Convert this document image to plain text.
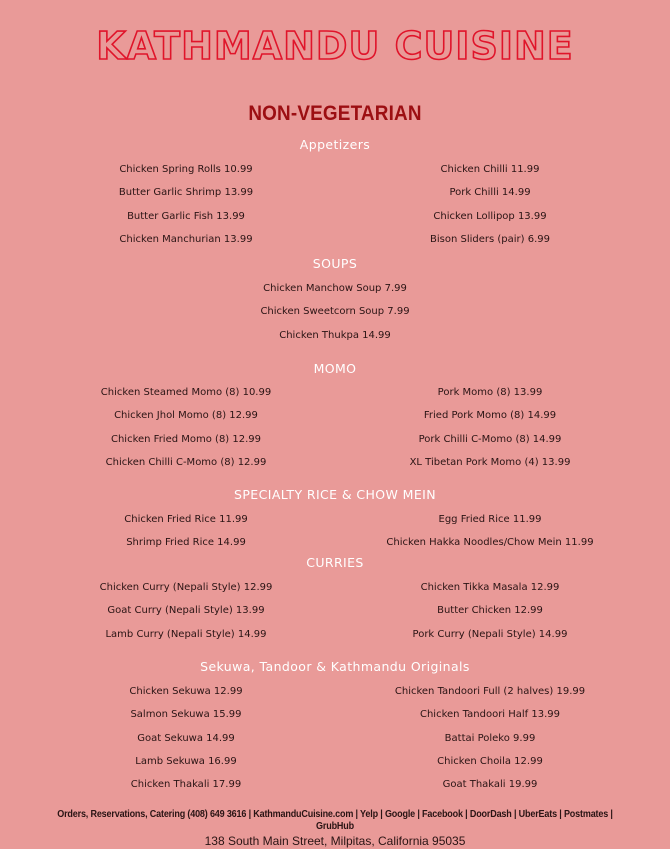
KATHMANDU CUISINE
NON-VEGETARIAN
Appetizers
Chicken Spring Rolls 10.99
Butter Garlic Shrimp 13.99
Butter Garlic Fish 13.99
Chicken Manchurian 13.99
Chicken Chilli 11.99
Pork Chilli 14.99
Chicken Lollipop 13.99
Bison Sliders (pair) 6.99
SOUPS
Chicken Manchow Soup 7.99
Chicken Sweetcorn Soup 7.99
Chicken Thukpa 14.99
MOMO
Chicken Steamed Momo (8) 10.99
Chicken Jhol Momo (8) 12.99
Chicken Fried Momo (8) 12.99
Chicken Chilli C-Momo (8) 12.99
Pork Momo (8) 13.99
Fried Pork Momo (8) 14.99
Pork Chilli C-Momo (8) 14.99
XL Tibetan Pork Momo (4) 13.99
SPECIALTY RICE & CHOW MEIN
Chicken Fried Rice 11.99
Shrimp Fried Rice 14.99
Egg Fried Rice 11.99
Chicken Hakka Noodles/Chow Mein 11.99
CURRIES
Chicken Curry (Nepali Style) 12.99
Goat Curry (Nepali Style) 13.99
Lamb Curry (Nepali Style) 14.99
Chicken Tikka Masala 12.99
Butter Chicken 12.99
Pork Curry (Nepali Style) 14.99
Sekuwa, Tandoor & Kathmandu Originals
Chicken Sekuwa 12.99
Salmon Sekuwa 15.99
Goat Sekuwa 14.99
Lamb Sekuwa 16.99
Chicken Thakali 17.99
Chicken Tandoori Full (2 halves) 19.99
Chicken Tandoori Half 13.99
Battai Poleko 9.99
Chicken Choila 12.99
Goat Thakali 19.99
Orders, Reservations, Catering (408) 649 3616 | KathmanduCuisine.com | Yelp | Google | Facebook | DoorDash | UberEats | Postmates | GrubHub
138 South Main Street, Milpitas, California 95035
